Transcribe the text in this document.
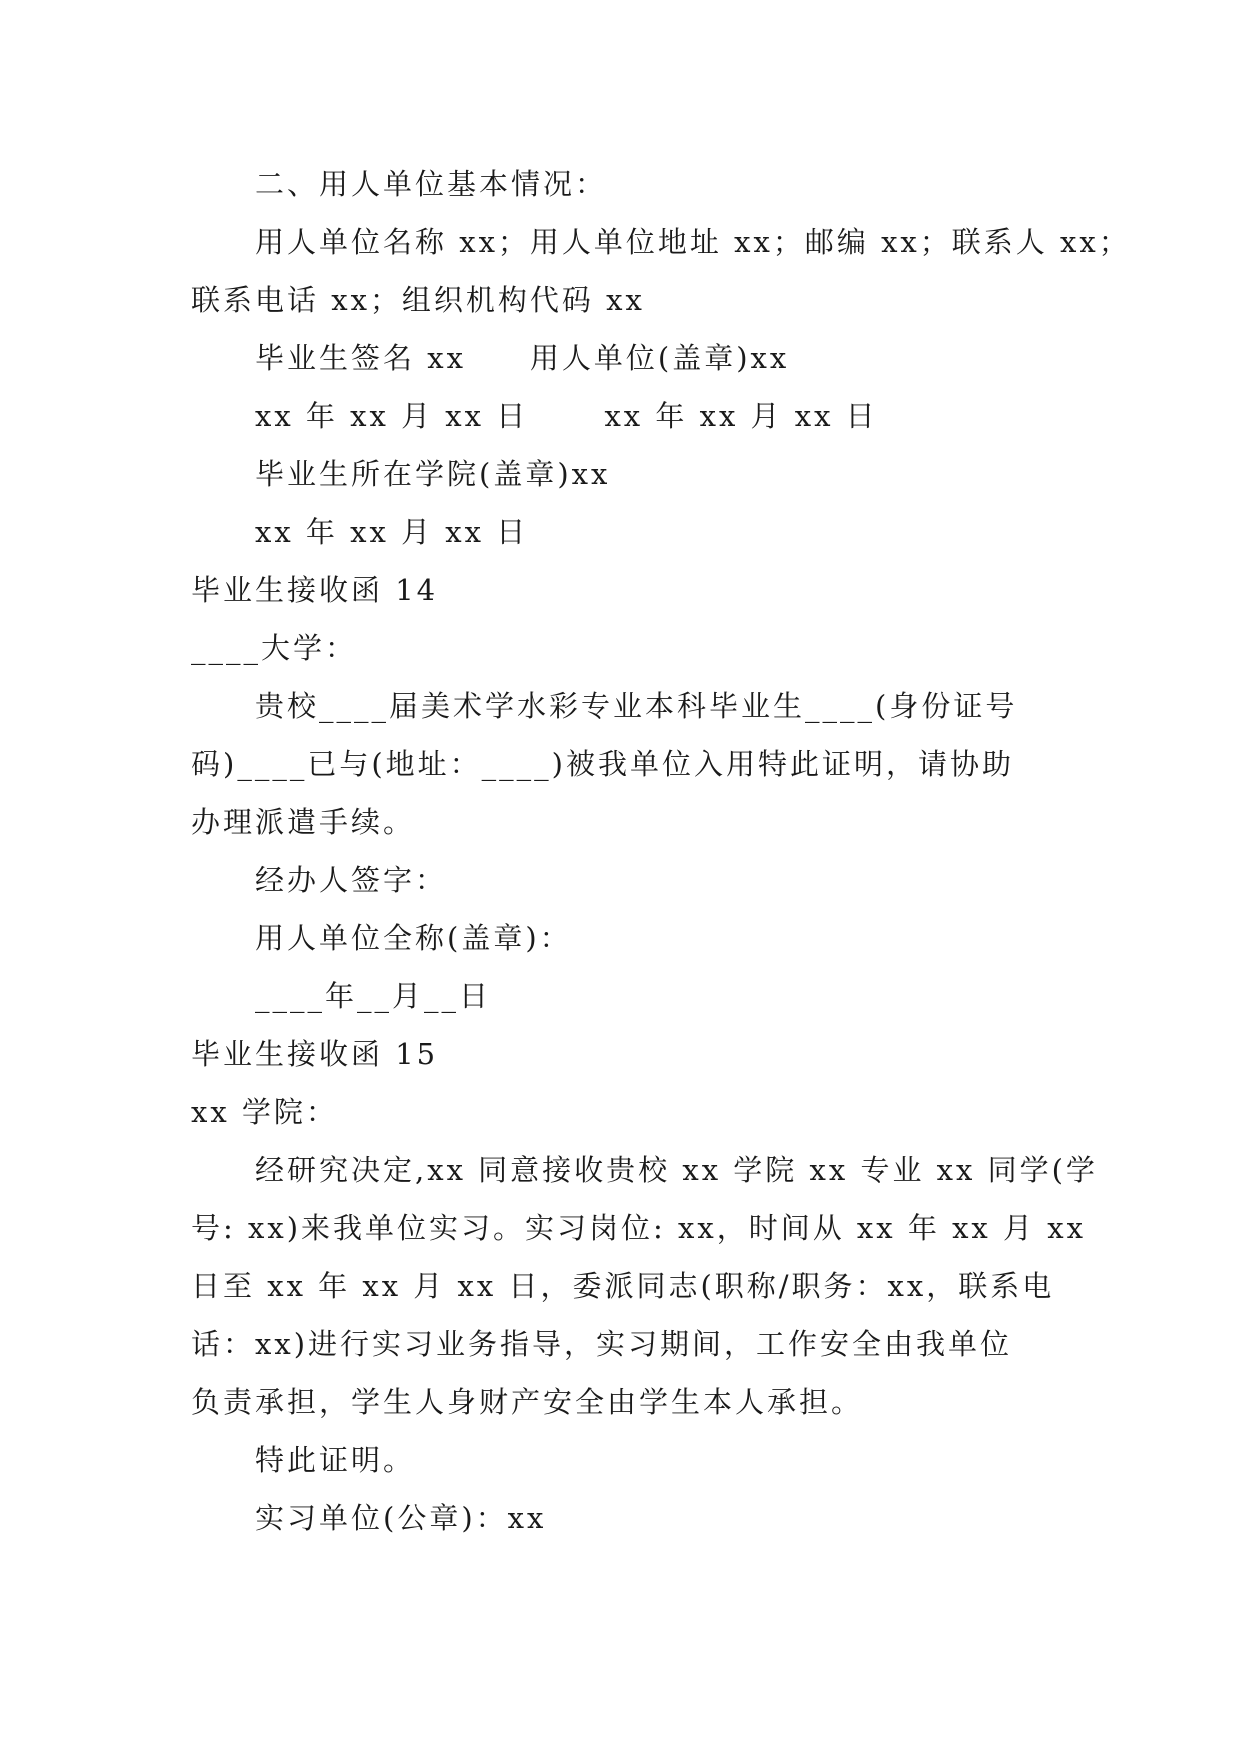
二、用人单位基本情况：
用人单位名称 xx；用人单位地址 xx；邮编 xx；联系人 xx；
联系电话 xx；组织机构代码 xx
毕业生签名 xx　　用人单位(盖章)xx
xx 年 xx 月 xx 日　　 xx 年 xx 月 xx 日
毕业生所在学院(盖章)xx
xx 年 xx 月 xx 日
毕业生接收函 14
____大学：
贵校____届美术学水彩专业本科毕业生____(身份证号
码)____已与(地址：____)被我单位入用特此证明，请协助
办理派遣手续。
经办人签字：
用人单位全称(盖章)：
____年__月__日
毕业生接收函 15
xx 学院：
经研究决定,xx 同意接收贵校 xx 学院 xx 专业 xx 同学(学
号: xx)来我单位实习。实习岗位: xx，时间从 xx 年 xx 月 xx
日至 xx 年 xx 月 xx 日，委派同志(职称/职务：xx，联系电
话：xx)进行实习业务指导，实习期间，工作安全由我单位
负责承担，学生人身财产安全由学生本人承担。
特此证明。
实习单位(公章)：xx
